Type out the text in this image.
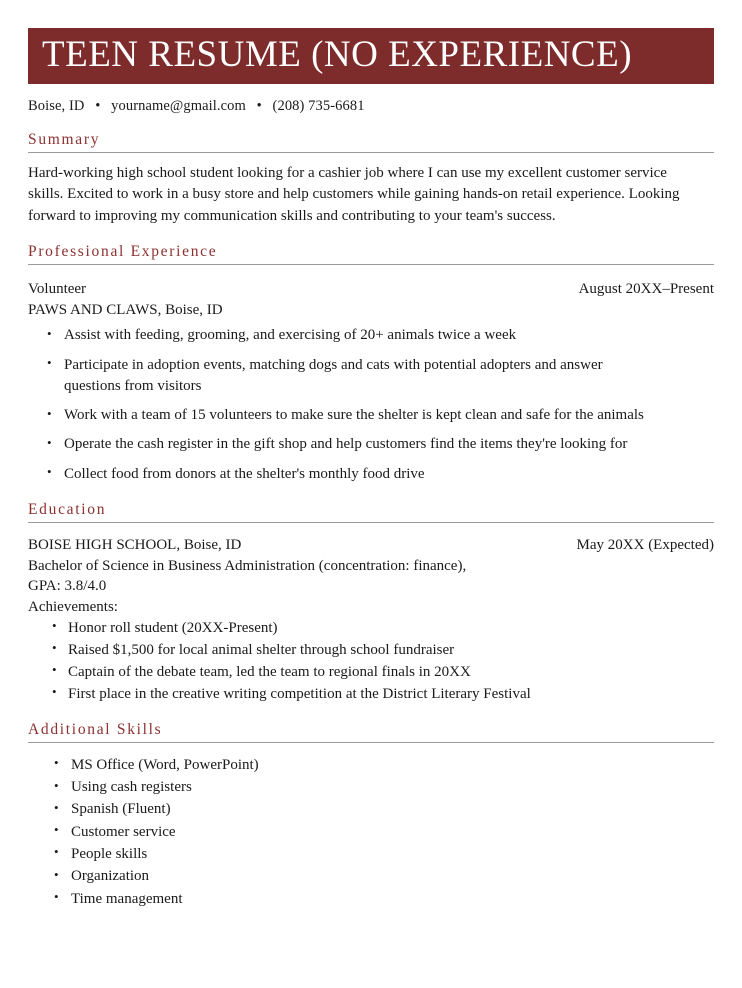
TEEN RESUME (NO EXPERIENCE)
Boise, ID • yourname@gmail.com • (208) 735-6681
Summary

Hard-working high school student looking for a cashier job where I can use my excellent customer service skills. Excited to work in a busy store and help customers while gaining hands-on retail experience. Looking forward to improving my communication skills and contributing to your team's success.

Professional Experience
Volunteer	August 20XX–Present
PAWS AND CLAWS, Boise, ID
• Assist with feeding, grooming, and exercising of 20+ animals twice a week
• Participate in adoption events, matching dogs and cats with potential adopters and answer questions from visitors
• Work with a team of 15 volunteers to make sure the shelter is kept clean and safe for the animals
• Operate the cash register in the gift shop and help customers find the items they're looking for
• Collect food from donors at the shelter's monthly food drive
Education
BOISE HIGH SCHOOL, Boise, ID	May 20XX (Expected)
Bachelor of Science in Business Administration (concentration: finance),
GPA: 3.8/4.0
Achievements:
• Honor roll student (20XX-Present)
• Raised $1,500 for local animal shelter through school fundraiser
• Captain of the debate team, led the team to regional finals in 20XX
• First place in the creative writing competition at the District Literary Festival
Additional Skills
• MS Office (Word, PowerPoint)
• Using cash registers
• Spanish (Fluent)
• Customer service
• People skills
• Organization
• Time management
